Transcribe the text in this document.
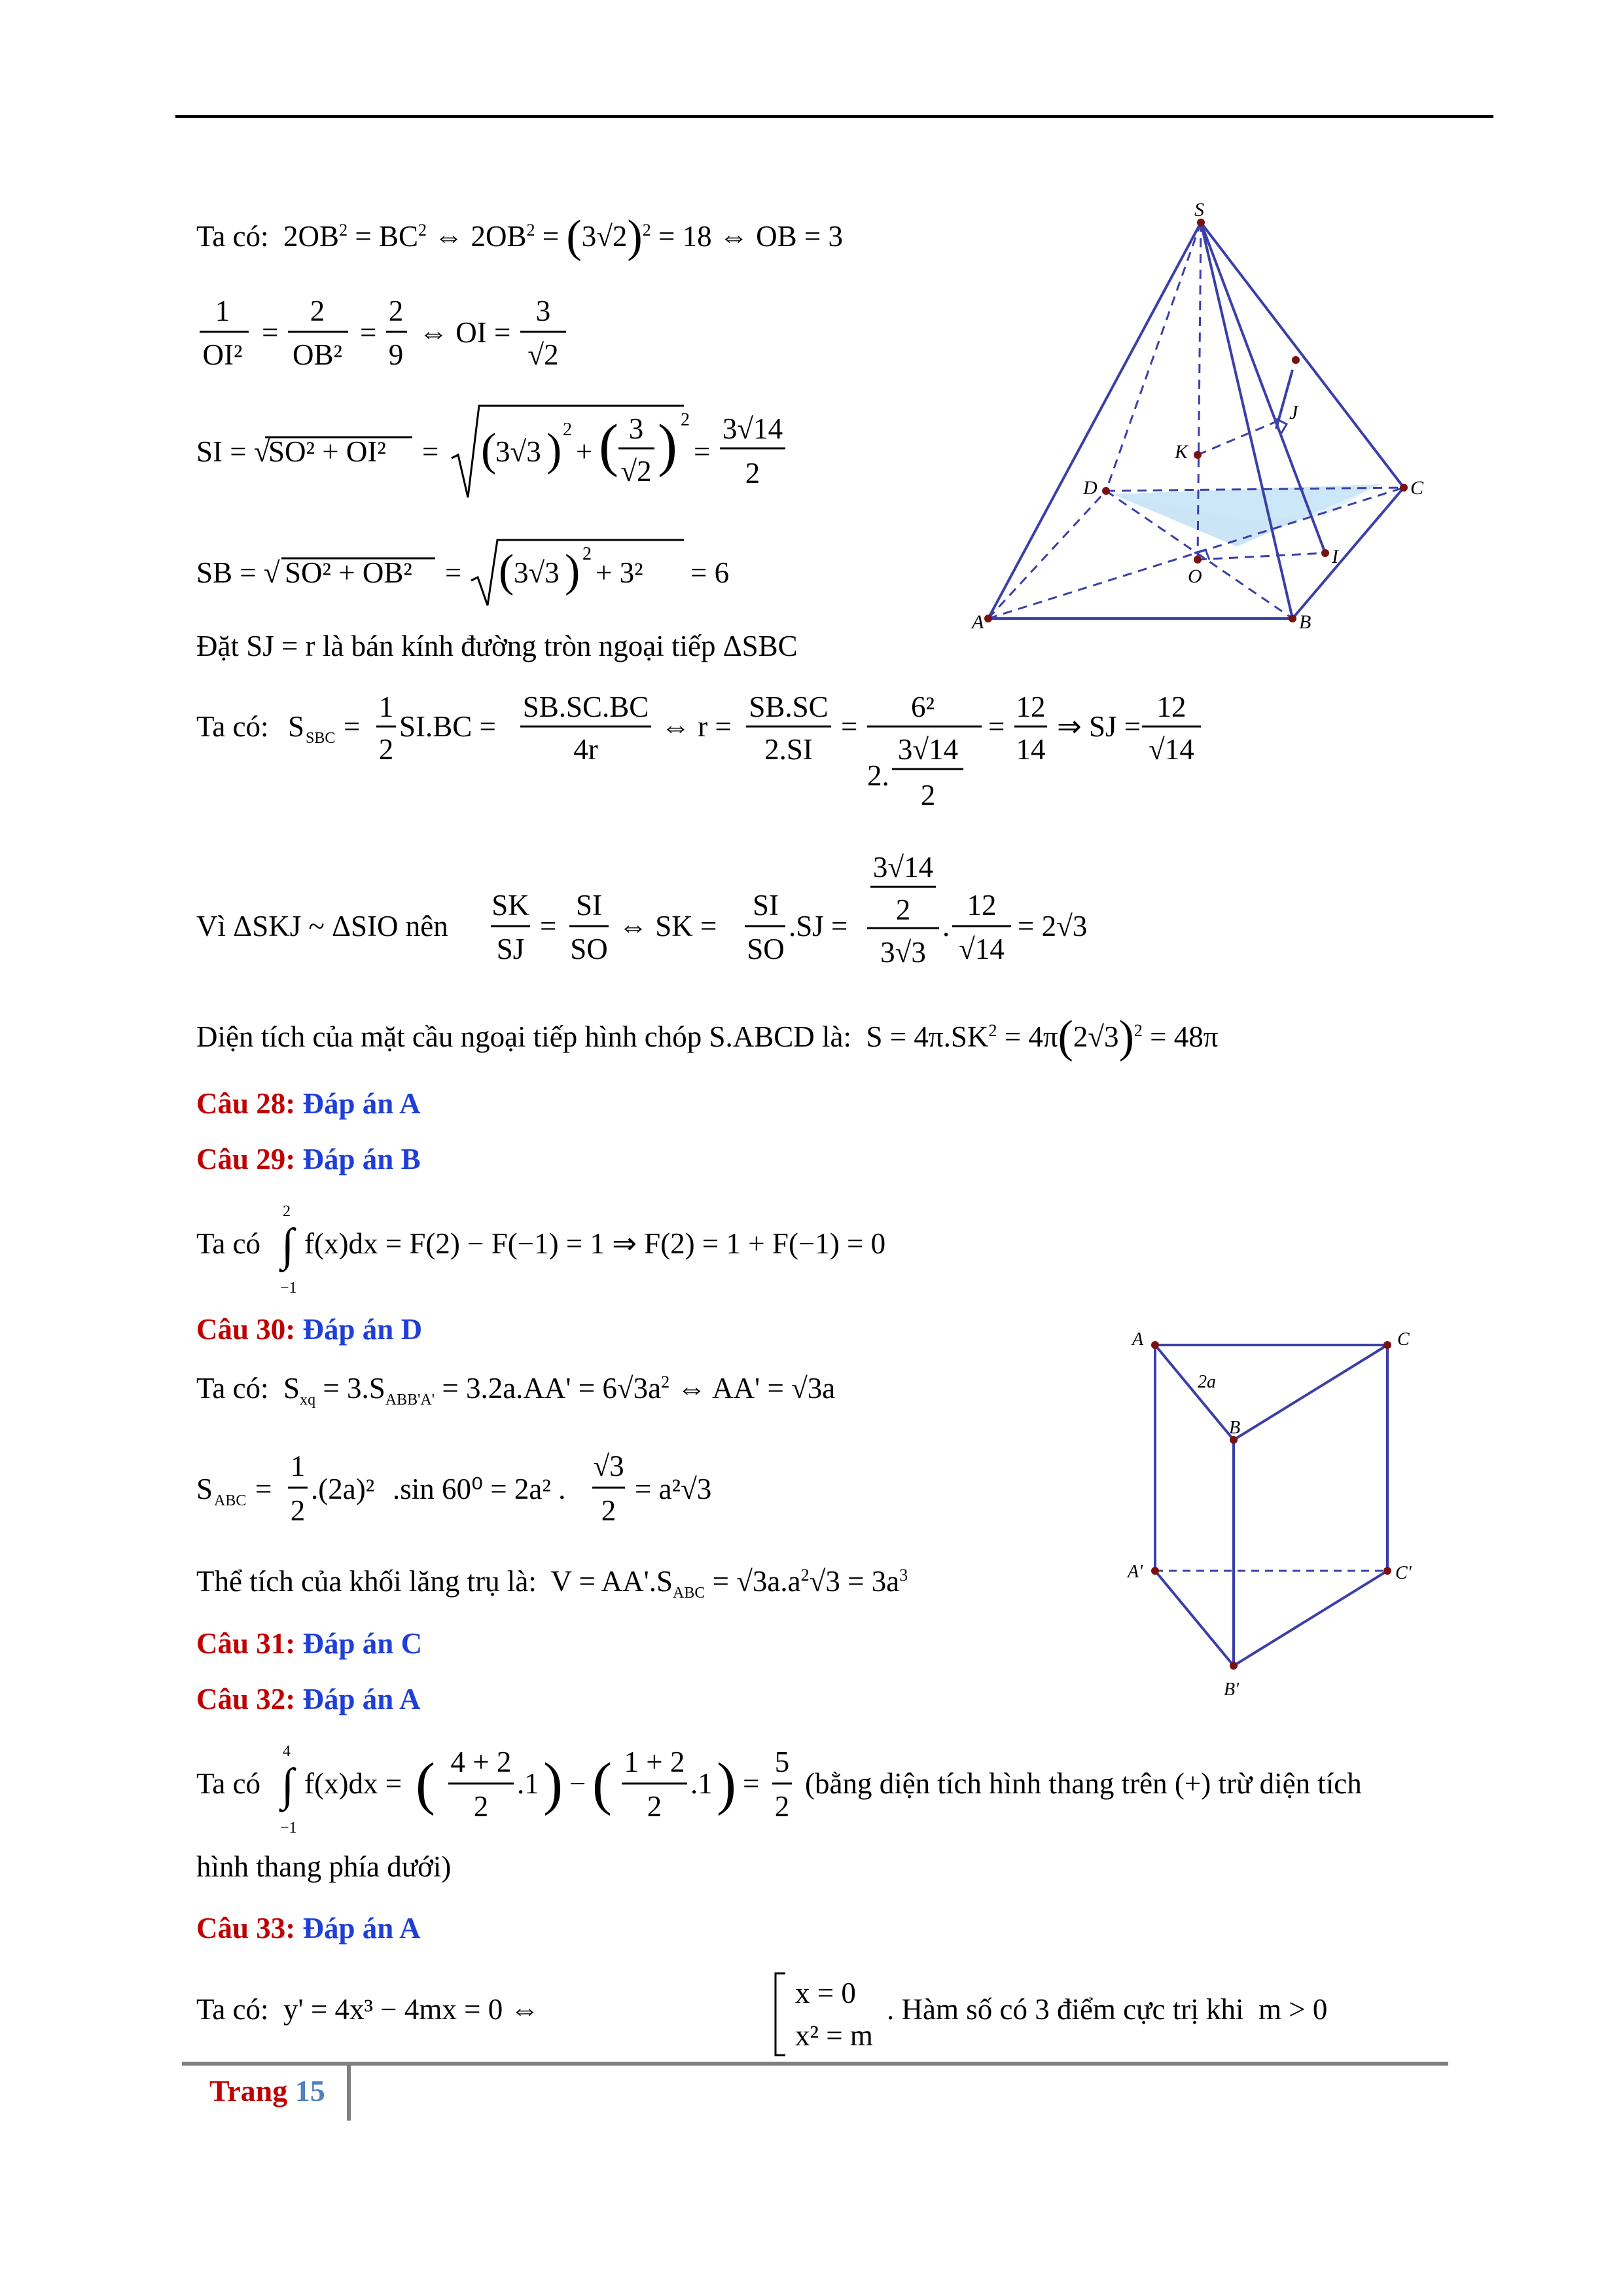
Ta có:  $2OB^2 = BC^2$ ⇔ $2OB^2 = (3√2)^2 = 18$ ⇔ OB = 3
1
OI²
=
2
OB²
=
2
9
⇔ OI =
3
√2
SI = √
SO² + OI² = (
3√3 ) 2
+ ( 3
√2 ) 2
=
3√14
2
SB = √ SO² + OB² = ( 3√3 ) 2
+ 3² = 6
Đặt SJ = r là bán kính đường tròn ngoại tiếp ΔSBC
Ta có: S SBC =
1
2
SI.BC =
SB.SC.BC
4r
⇔ r =
SB.SC
2.SI
=
6²
2.
3√14
2
=
12
14
⇒ SJ =
12
√14
Vì ΔSKJ ~ ΔSIO nên
SK
SJ
=
SI
SO
⇔ SK =
SI
SO
.SJ =
3√14
2
3√3
.
12
√14
= 2√3
Diện tích của mặt cầu ngoại tiếp hình chóp S.ABCD là:  $S = 4\pi.SK^2 = 4\pi(2√3)^2 = 48\pi$
Câu 28: Đáp án A
Câu 29: Đáp án B
Ta có
2
∫
−1
f(x)dx = F(2) − F(−1) = 1 ⇒ F(2) = 1 + F(−1) = 0
Câu 30: Đáp án D
Ta có:  $S_{xq} = 3.S_{ABB'A'} = 3.2a.AA' = 6√3a^2$ ⇔ AA' = √3a
S ABC =
1
2
.(2a)² .sin 60⁰ = 2a² .
√3
2
= a²√3
Thể tích của khối lăng trụ là:  $V = AA'.S_{ABC} = √3a.a^2√3 = 3a^3$
Câu 31: Đáp án C
Câu 32: Đáp án A
Ta có
4
∫
−1
f(x)dx = ( 4 + 2
2
.1 ) − ( 1 + 2
2
.1 ) =
5
2
(bằng diện tích hình thang trên (+) trừ diện tích
hình thang phía dưới)
Câu 33: Đáp án A
Ta có:  y' = 4x³ − 4mx = 0 ⇔	x = 0
x² = m
. Hàm số có 3 điểm cực trị khi  m > 0
S
A	B
C
D
O
I
J
K
A	C
B
2a
A'	C'
B'
Trang 15
